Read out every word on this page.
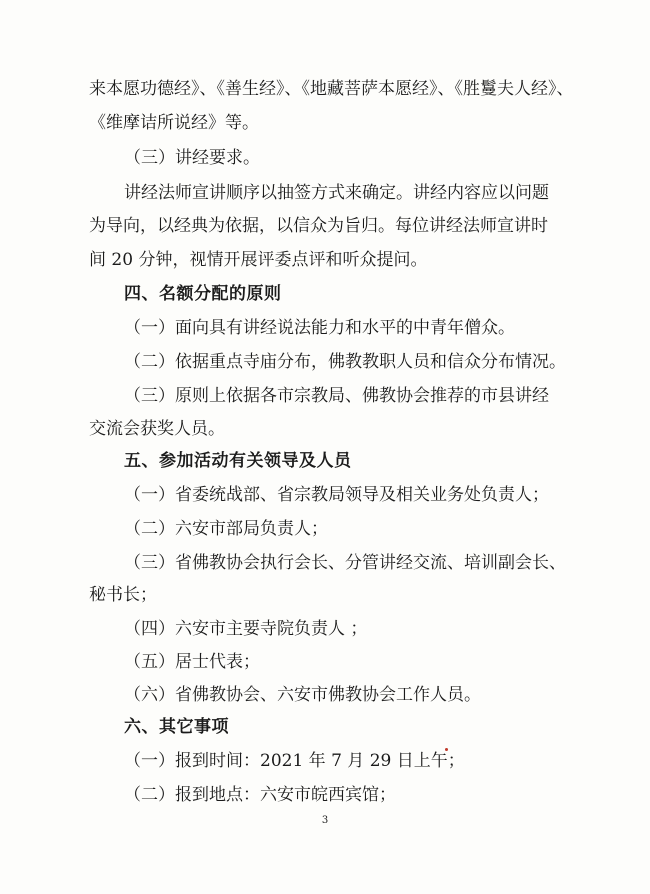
来本愿功德经》、《善生经》、《地藏菩萨本愿经》、《胜鬘夫人经》、
《维摩诘所说经》等。
（三）讲经要求。
讲经法师宣讲顺序以抽签方式来确定。讲经内容应以问题
为导向，以经典为依据，以信众为旨归。每位讲经法师宣讲时
间 20 分钟，视情开展评委点评和听众提问。
四、名额分配的原则
（一）面向具有讲经说法能力和水平的中青年僧众。
（二）依据重点寺庙分布，佛教教职人员和信众分布情况。
（三）原则上依据各市宗教局、佛教协会推荐的市县讲经
交流会获奖人员。
五、参加活动有关领导及人员
（一）省委统战部、省宗教局领导及相关业务处负责人；
（二）六安市部局负责人；
（三）省佛教协会执行会长、分管讲经交流、培训副会长、
秘书长；
（四）六安市主要寺院负责人 ；
（五）居士代表；
（六）省佛教协会、六安市佛教协会工作人员。
六、其它事项
（一）报到时间：2021 年 7 月 29 日上午；
（二）报到地点：六安市皖西宾馆；
3
